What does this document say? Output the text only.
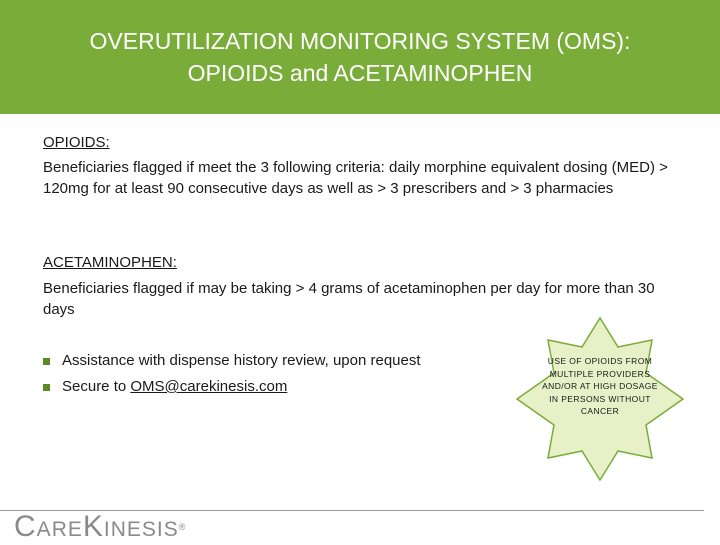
OVERUTILIZATION MONITORING SYSTEM (OMS):
OPIOIDS and ACETAMINOPHEN
OPIOIDS:
Beneficiaries flagged if meet the 3 following criteria: daily morphine equivalent dosing (MED) > 120mg for at least 90 consecutive days as well as > 3 prescribers and > 3 pharmacies
ACETAMINOPHEN:
Beneficiaries flagged if may be taking > 4 grams of acetaminophen per day for more than 30 days
Assistance with dispense history review, upon request
Secure to
OMS@carekinesis.com
USE OF OPIOIDS FROM MULTIPLE PROVIDERS AND/OR AT HIGH DOSAGE IN PERSONS WITHOUT CANCER
CAREKINESIS®
